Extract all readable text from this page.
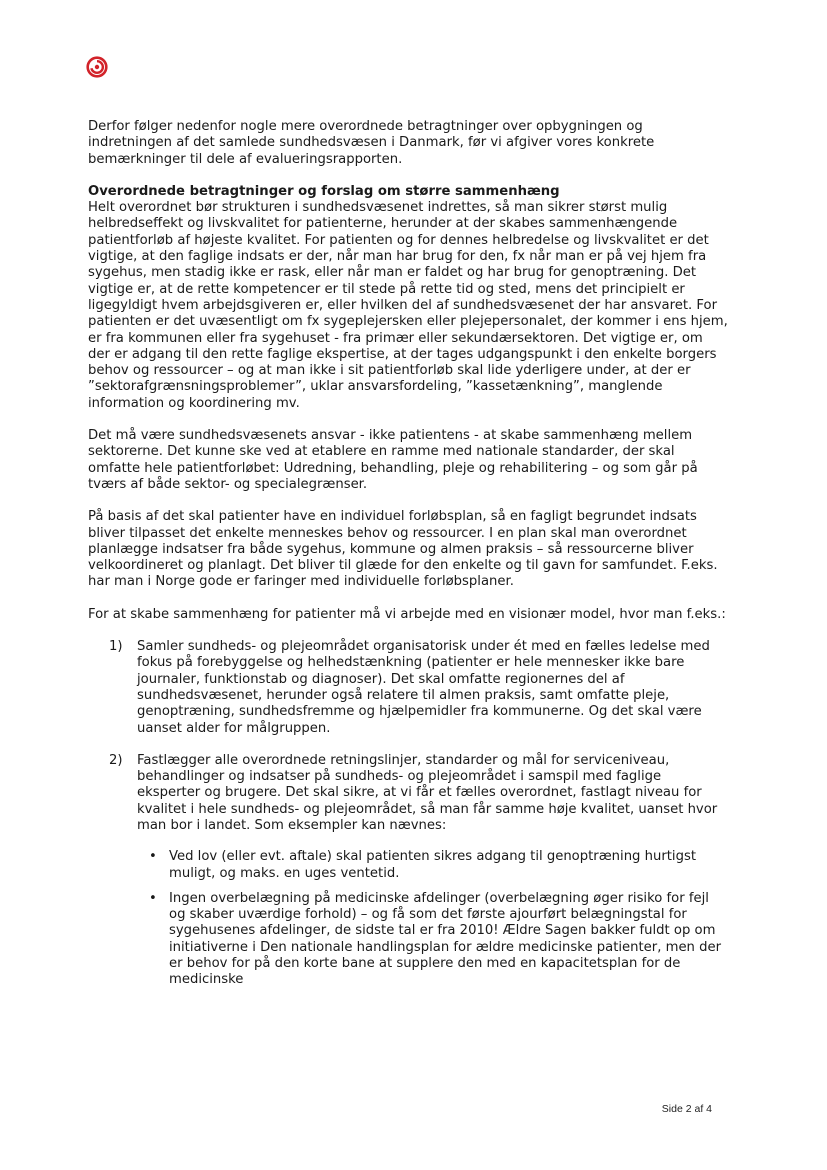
Derfor følger nedenfor nogle mere overordnede betragtninger over opbygningen og indretningen af det samlede sundhedsvæsen i Danmark, før vi afgiver vores konkrete bemærkninger til dele af evalueringsrapporten.

Overordnede betragtninger og forslag om større sammenhæng
Helt overordnet bør strukturen i sundhedsvæsenet indrettes, så man sikrer størst mulig helbredseffekt og livskvalitet for patienterne, herunder at der skabes sammenhængende patientforløb af højeste kvalitet. For patienten og for dennes helbredelse og livskvalitet er det vigtige, at den faglige indsats er der, når man har brug for den, fx når man er på vej hjem fra sygehus, men stadig ikke er rask, eller når man er faldet og har brug for genoptræning. Det vigtige er, at de rette kompetencer er til stede på rette tid og sted, mens det principielt er ligegyldigt hvem arbejdsgiveren er, eller hvilken del af sundhedsvæsenet der har ansvaret. For patienten er det uvæsentligt om fx sygeplejersken eller plejepersonalet, der kommer i ens hjem, er fra kommunen eller fra sygehuset - fra primær eller sekundærsektoren. Det vigtige er, om der er adgang til den rette faglige ekspertise, at der tages udgangspunkt i den enkelte borgers behov og ressourcer – og at man ikke i sit patientforløb skal lide yderligere under, at der er ”sektorafgrænsningsproblemer”, uklar ansvarsfordeling, ”kassetænkning”, manglende information og koordinering mv.

Det må være sundhedsvæsenets ansvar - ikke patientens - at skabe sammenhæng mellem sektorerne. Det kunne ske ved at etablere en ramme med nationale standarder, der skal omfatte hele patientforløbet: Udredning, behandling, pleje og rehabilitering – og som går på tværs af både sektor- og specialegrænser.

På basis af det skal patienter have en individuel forløbsplan, så en fagligt begrundet indsats bliver tilpasset det enkelte menneskes behov og ressourcer. I en plan skal man overordnet planlægge indsatser fra både sygehus, kommune og almen praksis – så ressourcerne bliver velkoordineret og planlagt. Det bliver til glæde for den enkelte og til gavn for samfundet. F.eks. har man i Norge gode er faringer med individuelle forløbsplaner.

For at skabe sammenhæng for patienter må vi arbejde med en visionær model, hvor man f.eks.:

1) Samler sundheds- og plejeområdet organisatorisk under ét med en fælles ledelse med fokus på forebyggelse og helhedstænkning (patienter er hele mennesker ikke bare journaler, funktionstab og diagnoser). Det skal omfatte regionernes del af sundhedsvæsenet, herunder også relatere til almen praksis, samt omfatte pleje, genoptræning, sundhedsfremme og hjælpemidler fra kommunerne. Og det skal være uanset alder for målgruppen.
2) Fastlægger alle overordnede retningslinjer, standarder og mål for serviceniveau, behandlinger og indsatser på sundheds- og plejeområdet i samspil med faglige eksperter og brugere. Det skal sikre, at vi får et fælles overordnet, fastlagt niveau for kvalitet i hele sundheds- og plejeområdet, så man får samme høje kvalitet, uanset hvor man bor i landet. Som eksempler kan nævnes:
• Ved lov (eller evt. aftale) skal patienten sikres adgang til genoptræning hurtigst muligt, og maks. en uges ventetid.
• Ingen overbelægning på medicinske afdelinger (overbelægning øger risiko for fejl og skaber uværdige forhold) – og få som det første ajourført belægningstal for sygehusenes afdelinger, de sidste tal er fra 2010! Ældre Sagen bakker fuldt op om initiativerne i Den nationale handlingsplan for ældre medicinske patienter, men der er behov for på den korte bane at supplere den med en kapacitetsplan for de medicinske
Side 2 af 4
